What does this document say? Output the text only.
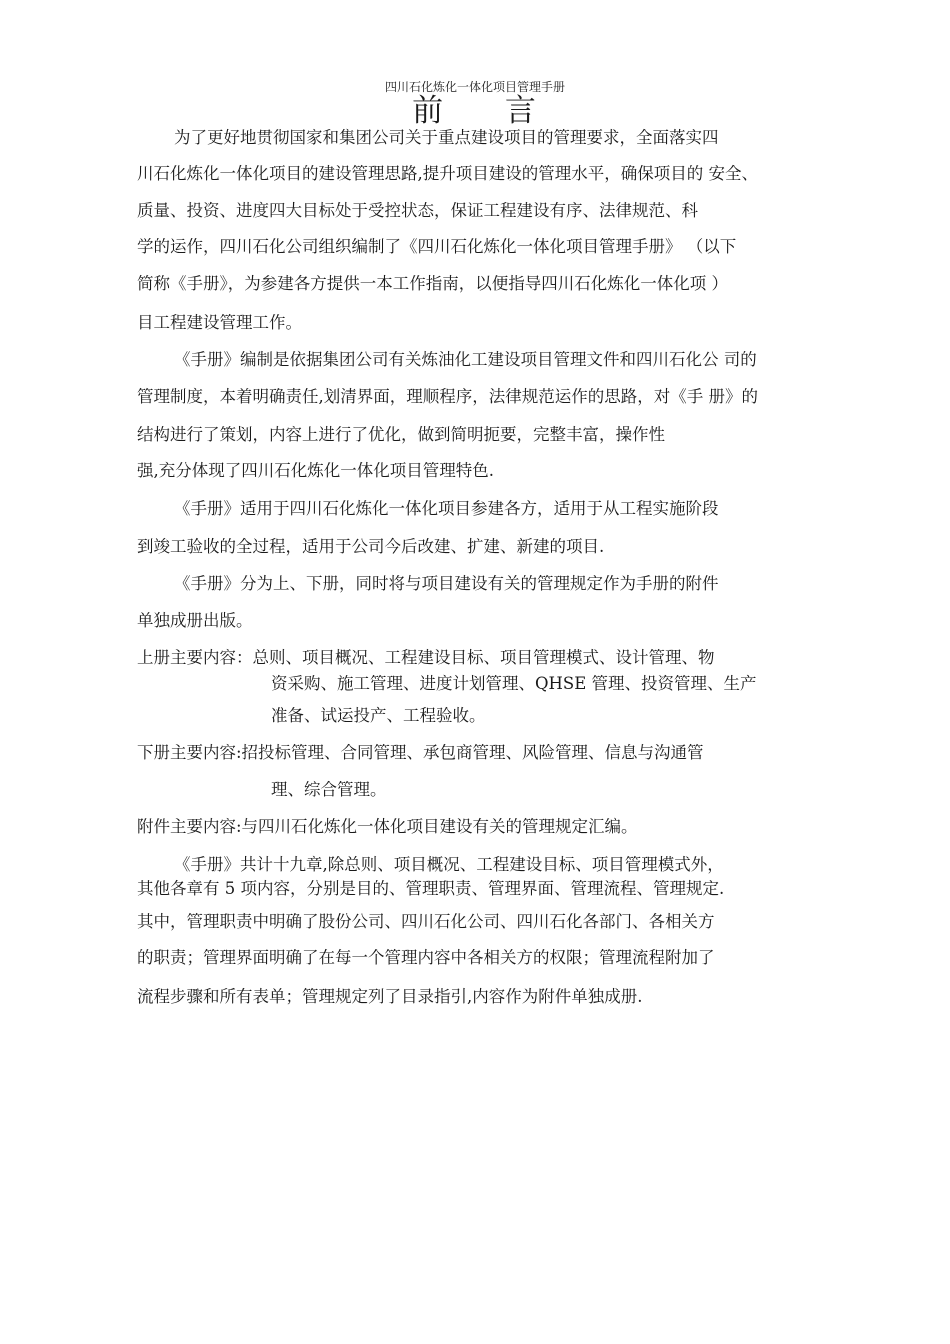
四川石化炼化一体化项目管理手册
前 言
为了更好地贯彻国家和集团公司关于重点建设项目的管理要求，全面落实四
川石化炼化一体化项目的建设管理思路,提升项目建设的管理水平，确保项目的 安全、
质量、投资、进度四大目标处于受控状态，保证工程建设有序、法律规范、科
学的运作，四川石化公司组织编制了《四川石化炼化一体化项目管理手册》 （以下
简称《手册》，为参建各方提供一本工作指南，以便指导四川石化炼化一体化项 ）
目工程建设管理工作。
《手册》编制是依据集团公司有关炼油化工建设项目管理文件和四川石化公 司的
管理制度，本着明确责任,划清界面，理顺程序，法律规范运作的思路，对《手 册》的
结构进行了策划，内容上进行了优化，做到简明扼要，完整丰富，操作性
强,充分体现了四川石化炼化一体化项目管理特色.
《手册》适用于四川石化炼化一体化项目参建各方，适用于从工程实施阶段
到竣工验收的全过程，适用于公司今后改建、扩建、新建的项目.
《手册》分为上、下册，同时将与项目建设有关的管理规定作为手册的附件
单独成册出版。
上册主要内容：总则、项目概况、工程建设目标、项目管理模式、设计管理、物
资采购、施工管理、进度计划管理、QHSE 管理、投资管理、生产
准备、试运投产、工程验收。
下册主要内容:招投标管理、合同管理、承包商管理、风险管理、信息与沟通管
理、综合管理。
附件主要内容:与四川石化炼化一体化项目建设有关的管理规定汇编。
《手册》共计十九章,除总则、项目概况、工程建设目标、项目管理模式外，
其他各章有 5 项内容，分别是目的、管理职责、管理界面、管理流程、管理规定.
其中，管理职责中明确了股份公司、四川石化公司、四川石化各部门、各相关方
的职责；管理界面明确了在每一个管理内容中各相关方的权限；管理流程附加了
流程步骤和所有表单；管理规定列了目录指引,内容作为附件单独成册.
